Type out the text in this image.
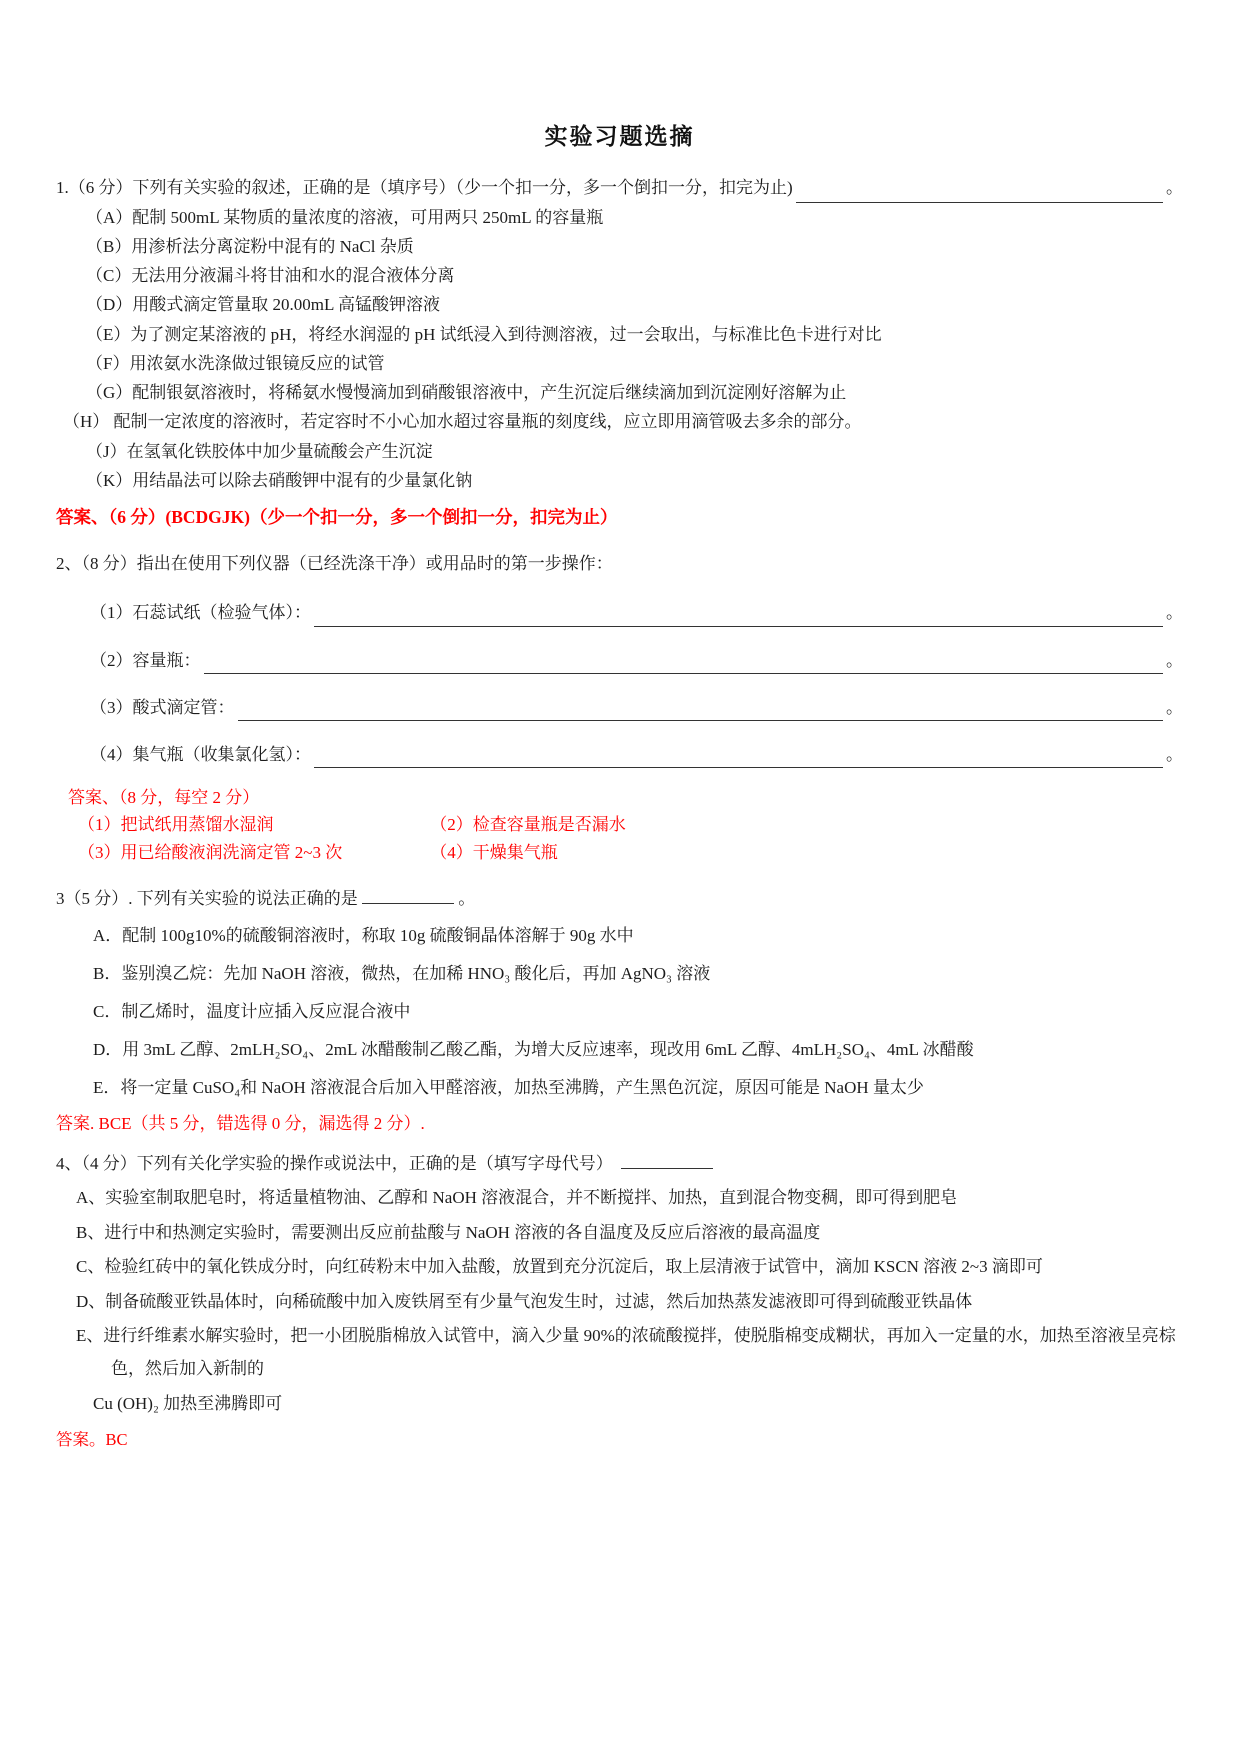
实验习题选摘

1.（6 分）下列有关实验的叙述，正确的是（填序号）（少一个扣一分，多一个倒扣一分，扣完为止)	。

（A）配制 500mL 某物质的量浓度的溶液，可用两只 250mL 的容量瓶

（B）用渗析法分离淀粉中混有的 NaCl 杂质

（C）无法用分液漏斗将甘油和水的混合液体分离

（D）用酸式滴定管量取 20.00mL 高锰酸钾溶液

（E）为了测定某溶液的 pH，将经水润湿的 pH 试纸浸入到待测溶液，过一会取出，与标准比色卡进行对比

（F）用浓氨水洗涤做过银镜反应的试管

（G）配制银氨溶液时，将稀氨水慢慢滴加到硝酸银溶液中，产生沉淀后继续滴加到沉淀刚好溶解为止

（H） 配制一定浓度的溶液时，若定容时不小心加水超过容量瓶的刻度线，应立即用滴管吸去多余的部分。

（J）在氢氧化铁胶体中加少量硫酸会产生沉淀

（K）用结晶法可以除去硝酸钾中混有的少量氯化钠

答案、（6 分）(BCDGJK)（少一个扣一分，多一个倒扣一分，扣完为止）

2、（8 分）指出在使用下列仪器（已经洗涤干净）或用品时的第一步操作：

（1）石蕊试纸（检验气体）：	。
（2）容量瓶：	。
（3）酸式滴定管：	。
（4）集气瓶（收集氯化氢）：	。

答案、（8 分，每空 2 分）

（1）把试纸用蒸馏水湿润	（2）检查容量瓶是否漏水

（3）用已给酸液润洗滴定管 2~3 次	（4）干燥集气瓶

3（5 分）. 下列有关实验的说法正确的是	。

A．配制 100g10%的硫酸铜溶液时，称取 10g 硫酸铜晶体溶解于 90g 水中

B．鉴别溴乙烷：先加 NaOH 溶液，微热，在加稀 HNO₃ 酸化后，再加 AgNO₃ 溶液

C．制乙烯时，温度计应插入反应混合液中

D．用 3mL 乙醇、2mLH₂SO₄、2mL 冰醋酸制乙酸乙酯，为增大反应速率，现改用 6mL 乙醇、4mLH₂SO₄、4mL 冰醋酸

E．将一定量 CuSO₄和 NaOH 溶液混合后加入甲醛溶液，加热至沸腾，产生黑色沉淀，原因可能是 NaOH 量太少

答案. BCE（共 5 分，错选得 0 分，漏选得 2 分）.

4、（4 分）下列有关化学实验的操作或说法中，正确的是（填写字母代号）

A、实验室制取肥皂时，将适量植物油、乙醇和 NaOH 溶液混合，并不断搅拌、加热，直到混合物变稠，即可得到肥皂

B、进行中和热测定实验时，需要测出反应前盐酸与 NaOH 溶液的各自温度及反应后溶液的最高温度

C、检验红砖中的氧化铁成分时，向红砖粉末中加入盐酸，放置到充分沉淀后，取上层清液于试管中，滴加 KSCN 溶液 2~3 滴即可

D、制备硫酸亚铁晶体时，向稀硫酸中加入废铁屑至有少量气泡发生时，过滤，然后加热蒸发滤液即可得到硫酸亚铁晶体

E、进行纤维素水解实验时，把一小团脱脂棉放入试管中，滴入少量 90%的浓硫酸搅拌，使脱脂棉变成糊状，再加入一定量的水，加热至溶液呈亮棕色，然后加入新制的

Cu (OH)₂ 加热至沸腾即可

答案。BC
